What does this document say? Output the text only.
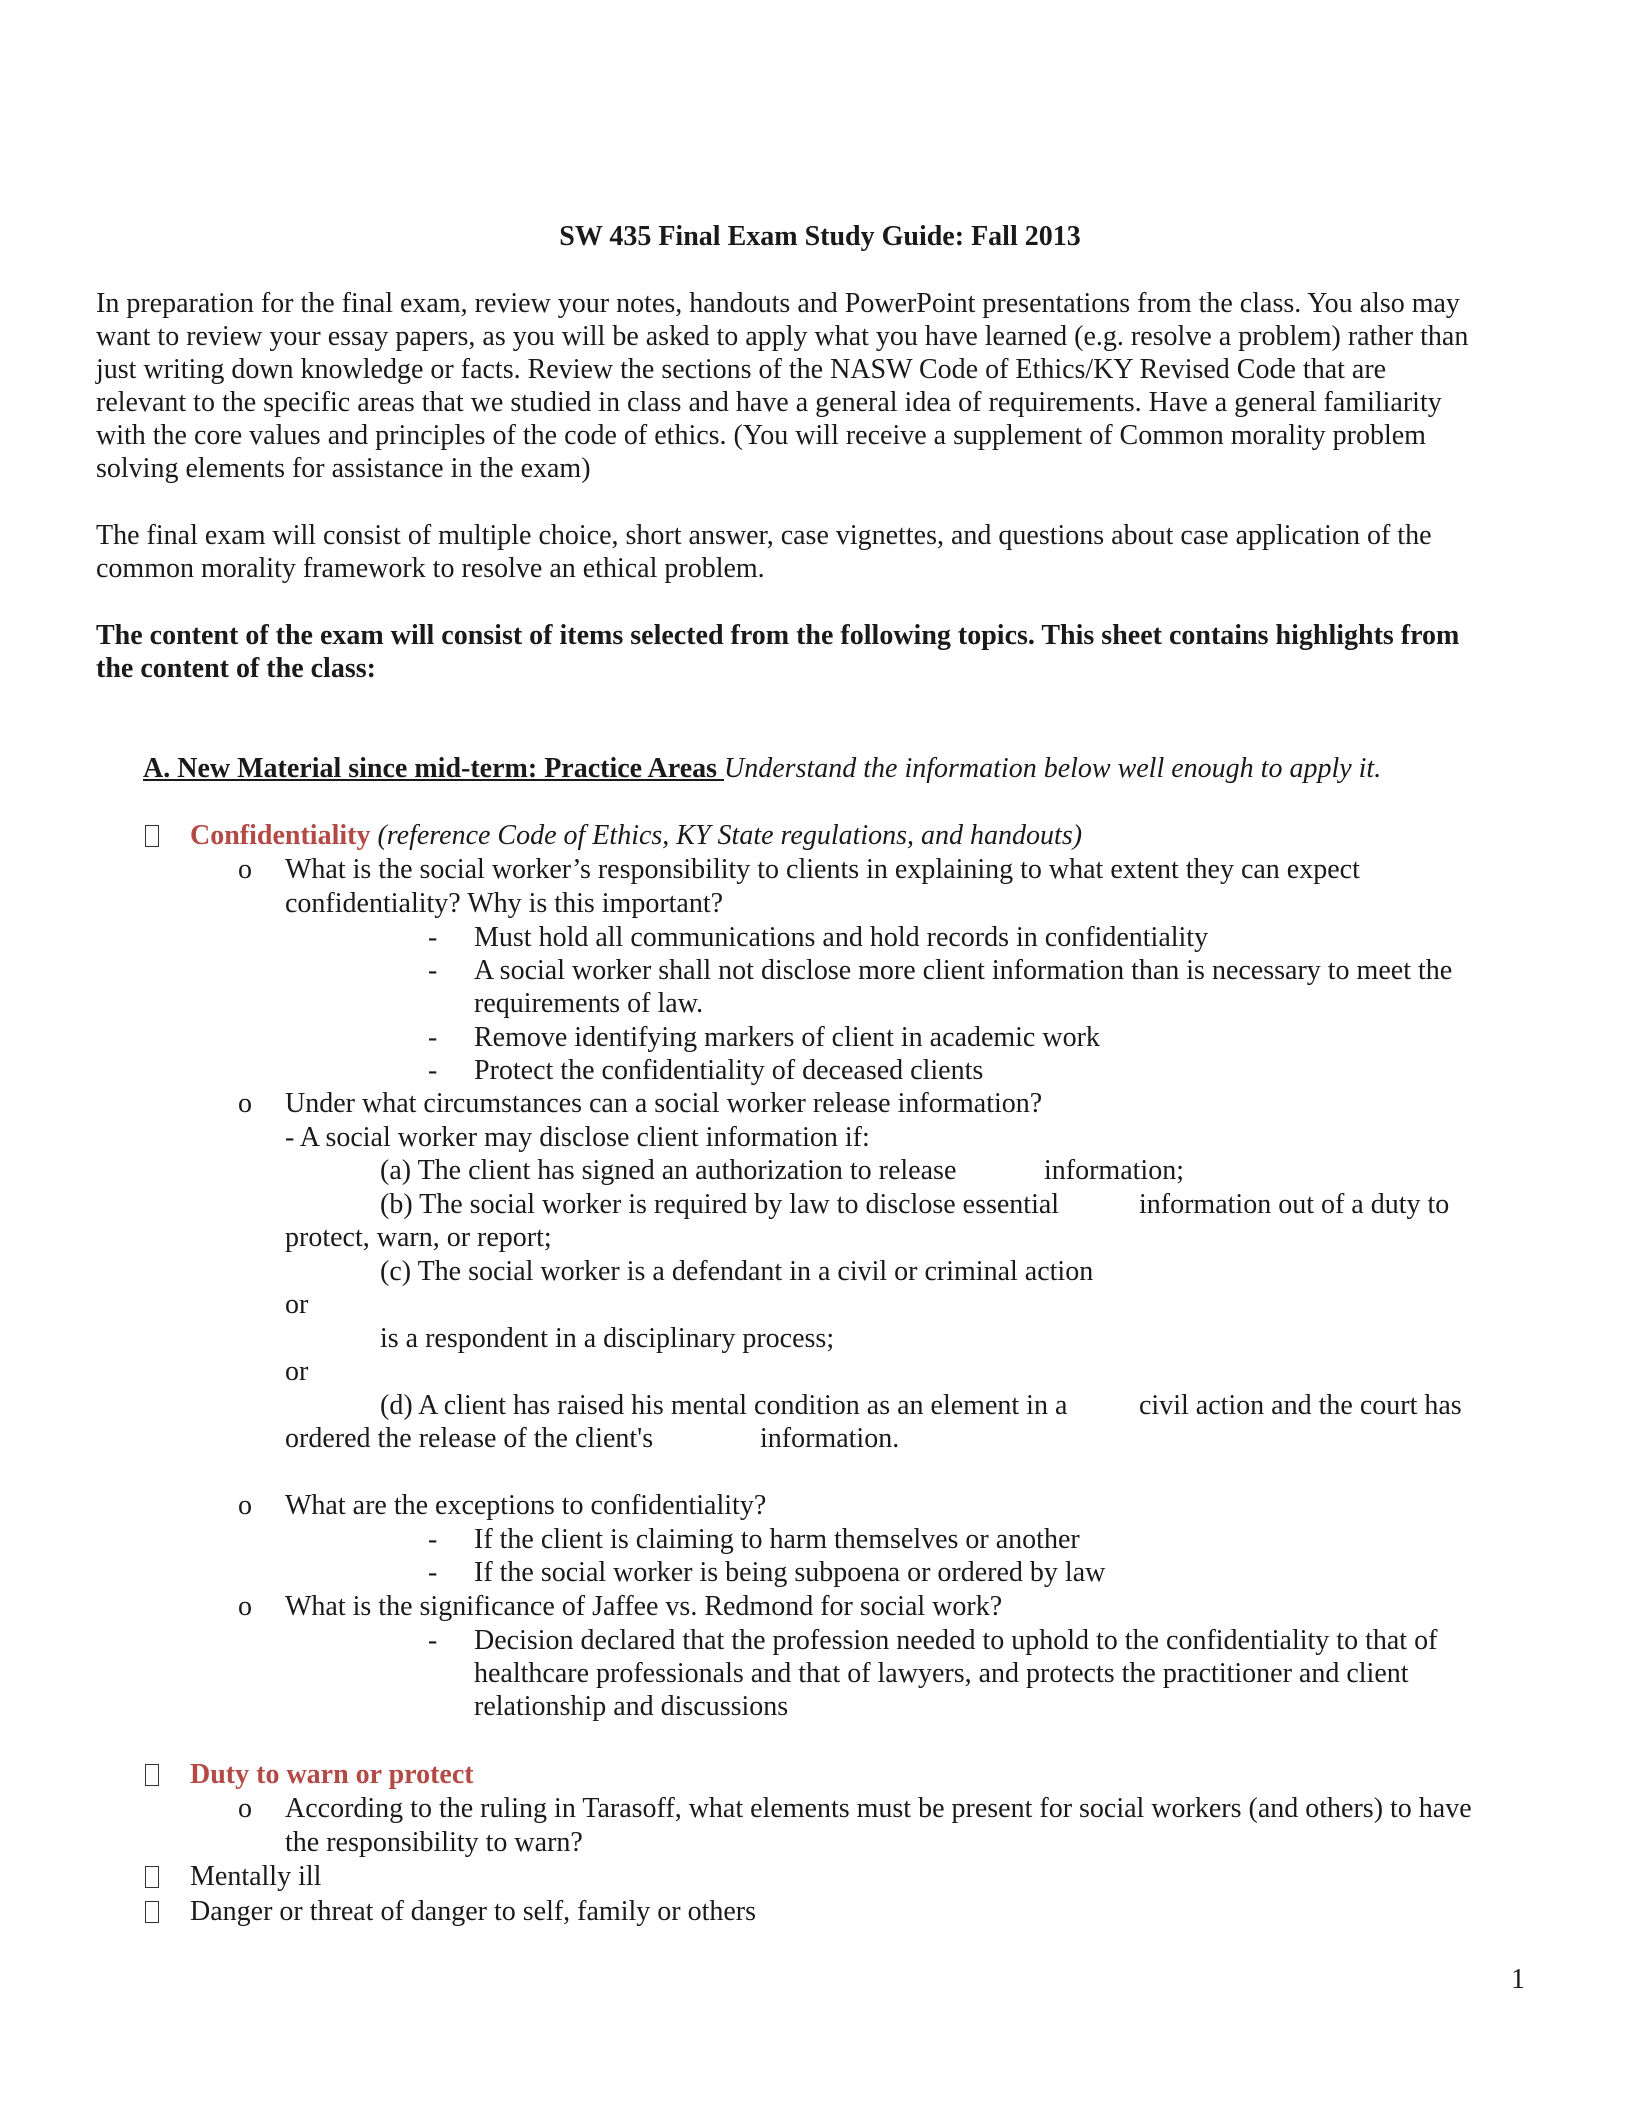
SW 435 Final Exam Study Guide: Fall 2013
In preparation for the final exam, review your notes, handouts and PowerPoint presentations from the class. You also may
want to review your essay papers, as you will be asked to apply what you have learned (e.g. resolve a problem) rather than
just writing down knowledge or facts. Review the sections of the NASW Code of Ethics/KY Revised Code that are
relevant to the specific areas that we studied in class and have a general idea of requirements. Have a general familiarity
with the core values and principles of the code of ethics. (You will receive a supplement of Common morality problem
solving elements for assistance in the exam)
The final exam will consist of multiple choice, short answer, case vignettes, and questions about case application of the
common morality framework to resolve an ethical problem.
The content of the exam will consist of items selected from the following topics. This sheet contains highlights from
the content of the class:
A. New Material since mid-term: Practice Areas Understand the information below well enough to apply it.
Confidentiality (reference Code of Ethics, KY State regulations, and handouts)
o What is the social worker’s responsibility to clients in explaining to what extent they can expect
confidentiality? Why is this important?
- Must hold all communications and hold records in confidentiality
- A social worker shall not disclose more client information than is necessary to meet the
requirements of law.
- Remove identifying markers of client in academic work
- Protect the confidentiality of deceased clients
o Under what circumstances can a social worker release information?
- A social worker may disclose client information if:
(a) The client has signed an authorization to release	information;
(b) The social worker is required by law to disclose essential	information out of a duty to
protect, warn, or report;
(c) The social worker is a defendant in a civil or criminal action
or
is a respondent in a disciplinary process;
or
(d) A client has raised his mental condition as an element in a	civil action and the court has
ordered the release of the client's	information.
o What are the exceptions to confidentiality?
- If the client is claiming to harm themselves or another
- If the social worker is being subpoena or ordered by law
o What is the significance of Jaffee vs. Redmond for social work?
- Decision declared that the profession needed to uphold to the confidentiality to that of
healthcare professionals and that of lawyers, and protects the practitioner and client
relationship and discussions
Duty to warn or protect
o According to the ruling in Tarasoff, what elements must be present for social workers (and others) to have
the responsibility to warn?
Mentally ill
Danger or threat of danger to self, family or others
1
